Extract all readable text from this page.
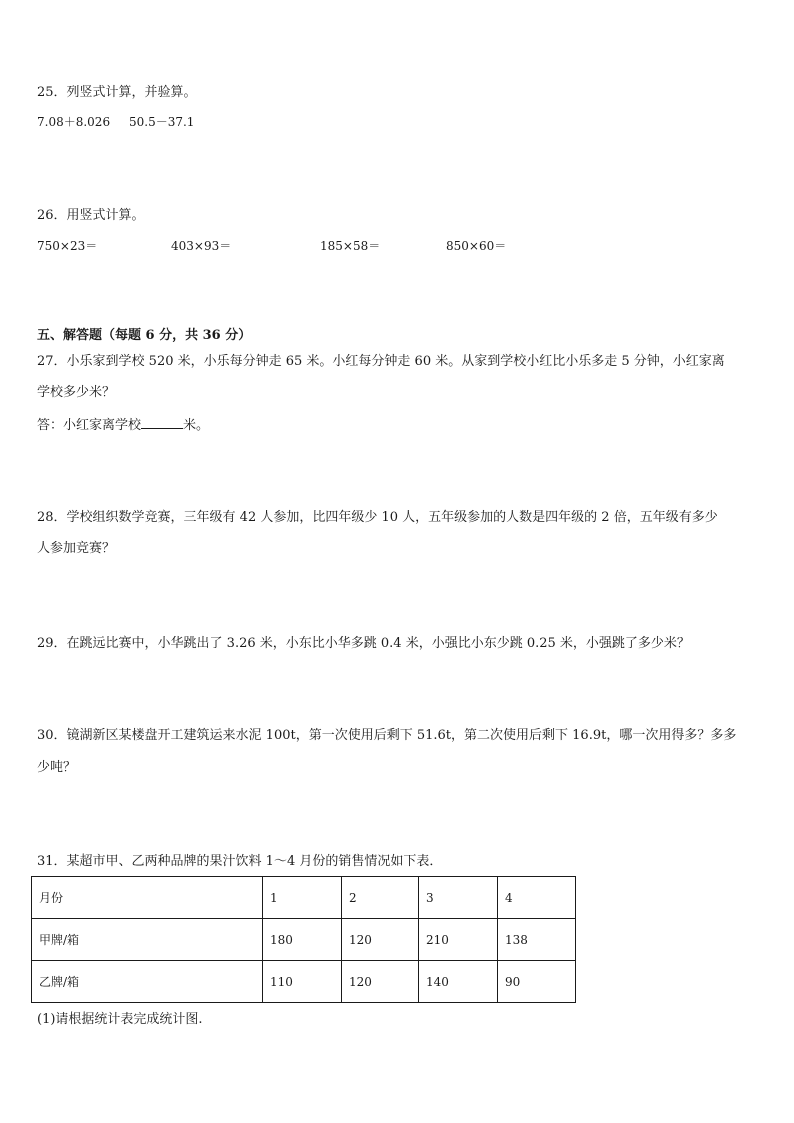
25．列竖式计算，并验算。
7.08＋8.026 50.5－37.1
26．用竖式计算。
750×23＝	403×93＝	185×58＝	850×60＝
五、解答题（每题 6 分，共 36 分）
27．小乐家到学校 520 米，小乐每分钟走 65 米。小红每分钟走 60 米。从家到学校小红比小乐多走 5 分钟，小红家离
学校多少米？
答：小红家离学校	米。
28．学校组织数学竞赛，三年级有 42 人参加，比四年级少 10 人，五年级参加的人数是四年级的 2 倍，五年级有多少
人参加竞赛？
29．在跳远比赛中，小华跳出了 3.26 米，小东比小华多跳 0.4 米，小强比小东少跳 0.25 米，小强跳了多少米？
30．镜湖新区某楼盘开工建筑运来水泥 100t，第一次使用后剩下 51.6t，第二次使用后剩下 16.9t，哪一次用得多？多多
少吨？
31．某超市甲、乙两种品牌的果汁饮料 1～4 月份的销售情况如下表．
月份	1	2	3	4
甲牌/箱	180	120	210	138
乙牌/箱	110	120	140	90
(1)请根据统计表完成统计图.
